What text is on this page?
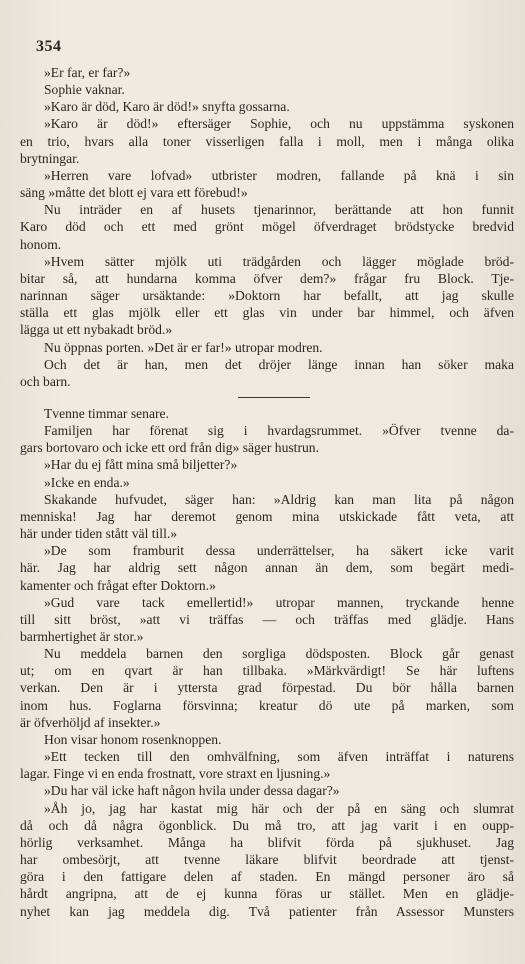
354
»Er far, er far?»
Sophie vaknar.
»Karo är död, Karo är död!» snyfta gossarna.
»Karo är död!» eftersäger Sophie, och nu uppstämma syskonen
en trio, hvars alla toner visserligen falla i moll, men i många olika
brytningar.
»Herren vare lofvad» utbrister modren, fallande på knä i sin
säng »måtte det blott ej vara ett förebud!»
Nu inträder en af husets tjenarinnor, berättande att hon funnit
Karo död och ett med grönt mögel öfverdraget brödstycke bredvid
honom.
»Hvem sätter mjölk uti trädgården och lägger möglade bröd-
bitar så, att hundarna komma öfver dem?» frågar fru Block. Tje-
narinnan säger ursäktande: »Doktorn har befallt, att jag skulle
ställa ett glas mjölk eller ett glas vin under bar himmel, och äfven
lägga ut ett nybakadt bröd.»
Nu öppnas porten. »Det är er far!» utropar modren.
Och det är han, men det dröjer länge innan han söker maka
och barn.
Tvenne timmar senare.
Familjen har förenat sig i hvardagsrummet. »Öfver tvenne da-
gars bortovaro och icke ett ord från dig» säger hustrun.
»Har du ej fått mina små biljetter?»
»Icke en enda.»
Skakande hufvudet, säger han: »Aldrig kan man lita på någon
menniska! Jag har deremot genom mina utskickade fått veta, att
här under tiden stått väl till.»
»De som framburit dessa underrättelser, ha säkert icke varit
här. Jag har aldrig sett någon annan än dem, som begärt medi-
kamenter och frågat efter Doktorn.»
»Gud vare tack emellertid!» utropar mannen, tryckande henne
till sitt bröst, »att vi träffas — och träffas med glädje. Hans
barmhertighet är stor.»
Nu meddela barnen den sorgliga dödsposten. Block går genast
ut; om en qvart är han tillbaka. »Märkvärdigt! Se här luftens
verkan. Den är i yttersta grad förpestad. Du bör hålla barnen
inom hus. Foglarna försvinna; kreatur dö ute på marken, som
är öfverhöljd af insekter.»
Hon visar honom rosenknoppen.
»Ett tecken till den omhvälfning, som äfven inträffat i naturens
lagar. Finge vi en enda frostnatt, vore straxt en ljusning.»
»Du har väl icke haft någon hvila under dessa dagar?»
»Åh jo, jag har kastat mig här och der på en säng och slumrat
då och då några ögonblick. Du må tro, att jag varit i en oupp-
hörlig verksamhet. Många ha blifvit förda på sjukhuset. Jag
har ombesörjt, att tvenne läkare blifvit beordrade att tjenst-
göra i den fattigare delen af staden. En mängd personer äro så
hårdt angripna, att de ej kunna föras ur stället. Men en glädje-
nyhet kan jag meddela dig. Två patienter från Assessor Munsters
